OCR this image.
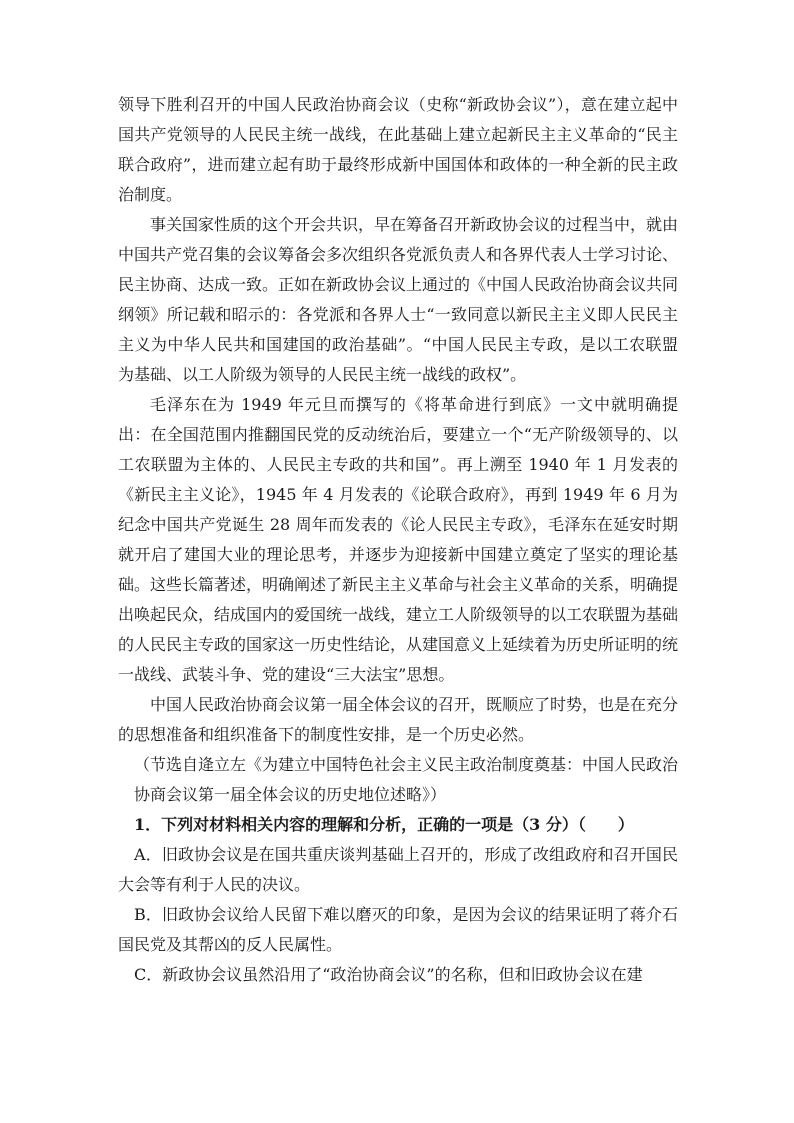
领导下胜利召开的中国人民政治协商会议（史称“新政协会议”），意在建立起中国共产党领导的人民民主统一战线，在此基础上建立起新民主主义革命的“民主联合政府”，进而建立起有助于最终形成新中国国体和政体的一种全新的民主政治制度。

事关国家性质的这个开会共识，早在筹备召开新政协会议的过程当中，就由中国共产党召集的会议筹备会多次组织各党派负责人和各界代表人士学习讨论、民主协商、达成一致。正如在新政协会议上通过的《中国人民政治协商会议共同纲领》所记载和昭示的：各党派和各界人士“一致同意以新民主主义即人民民主主义为中华人民共和国建国的政治基础”。“中国人民民主专政，是以工农联盟为基础、以工人阶级为领导的人民民主统一战线的政权”。

毛泽东在为 1949 年元旦而撰写的《将革命进行到底》一文中就明确提出：在全国范围内推翻国民党的反动统治后，要建立一个“无产阶级领导的、以工农联盟为主体的、人民民主专政的共和国”。再上溯至 1940 年 1 月发表的《新民主主义论》，1945 年 4 月发表的《论联合政府》，再到 1949 年 6 月为纪念中国共产党诞生 28 周年而发表的《论人民民主专政》，毛泽东在延安时期就开启了建国大业的理论思考，并逐步为迎接新中国建立奠定了坚实的理论基础。这些长篇著述，明确阐述了新民主主义革命与社会主义革命的关系，明确提出唤起民众，结成国内的爱国统一战线，建立工人阶级领导的以工农联盟为基础的人民民主专政的国家这一历史性结论，从建国意义上延续着为历史所证明的统一战线、武装斗争、党的建设“三大法宝”思想。

中国人民政治协商会议第一届全体会议的召开，既顺应了时势，也是在充分的思想准备和组织准备下的制度性安排，是一个历史必然。

（节选自逄立左《为建立中国特色社会主义民主政治制度奠基：中国人民政治协商会议第一届全体会议的历史地位述略》）

1．下列对材料相关内容的理解和分析，正确的一项是（3 分）（　　）

A．旧政协会议是在国共重庆谈判基础上召开的，形成了改组政府和召开国民大会等有利于人民的决议。

B．旧政协会议给人民留下难以磨灭的印象，是因为会议的结果证明了蒋介石国民党及其帮凶的反人民属性。

C．新政协会议虽然沿用了“政治协商会议”的名称，但和旧政协会议在建
